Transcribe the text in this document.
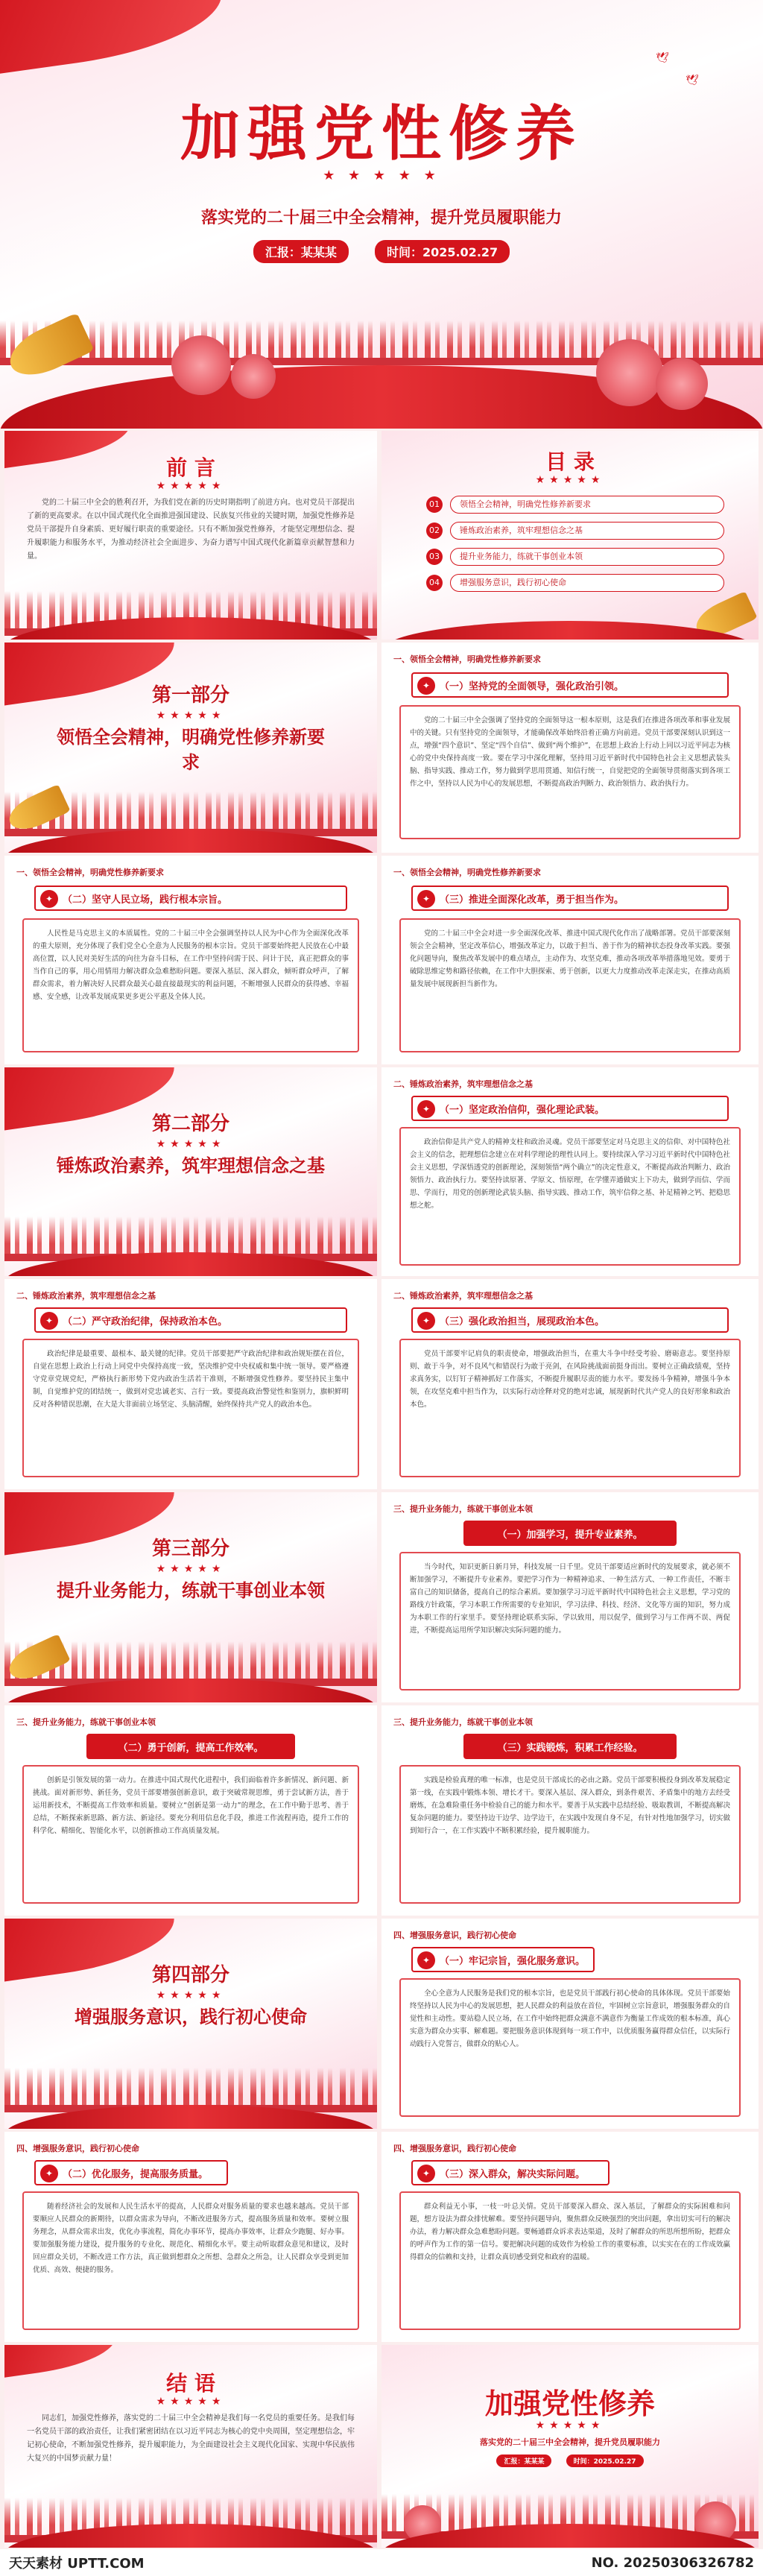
🕊
🕊
加强党性修养
★ ★ ★ ★ ★
落实党的二十届三中全会精神，提升党员履职能力
汇报：某某某	时间：2025.02.27
前 言
★★★★★
党的二十届三中全会的胜利召开，为我们党在新的历史时期指明了前进方向。也对党员干部提出了新的更高要求。在以中国式现代化全面推进强国建设、民族复兴伟业的关键时期，加强党性修养是党员干部提升自身素质、更好履行职责的重要途径。只有不断加强党性修养，才能坚定理想信念、提升履职能力和服务水平，为推动经济社会全面进步、为奋力谱写中国式现代化新篇章贡献智慧和力量。
目 录
★★★★★
01	领悟全会精神，明确党性修养新要求
02	锤炼政治素养，筑牢理想信念之基
03	提升业务能力，练就干事创业本领
04	增强服务意识，践行初心使命
第一部分
★★★★★
领悟全会精神，明确党性修养新要求
一、领悟全会精神，明确党性修养新要求
✦ （一）坚持党的全面领导，强化政治引领。
党的二十届三中全会强调了坚持党的全面领导这一根本原则，这是我们在推进各项改革和事业发展中的关键。只有坚持党的全面领导，才能确保改革始终沿着正确方向前进。党员干部要深刻认识到这一点，增强“四个意识”、坚定“四个自信”、做到“两个维护”，在思想上政治上行动上同以习近平同志为核心的党中央保持高度一致。要在学习中深化理解，坚持用习近平新时代中国特色社会主义思想武装头脑、指导实践、推动工作，努力做到学思用贯通、知信行统一，自觉把党的全面领导贯彻落实到各项工作之中，坚持以人民为中心的发展思想，不断提高政治判断力、政治领悟力、政治执行力。
一、领悟全会精神，明确党性修养新要求
✦ （二）坚守人民立场，践行根本宗旨。
人民性是马克思主义的本质属性。党的二十届三中全会强调坚持以人民为中心作为全面深化改革的重大原则，充分体现了我们党全心全意为人民服务的根本宗旨。党员干部要始终把人民放在心中最高位置，以人民对美好生活的向往为奋斗目标，在工作中坚持问需于民、问计于民，真正把群众的事当作自己的事，用心用情用力解决群众急难愁盼问题。要深入基层、深入群众，倾听群众呼声，了解群众需求，着力解决好人民群众最关心最直接最现实的利益问题，不断增强人民群众的获得感、幸福感、安全感，让改革发展成果更多更公平惠及全体人民。
一、领悟全会精神，明确党性修养新要求
✦ （三）推进全面深化改革，勇于担当作为。
党的二十届三中全会对进一步全面深化改革、推进中国式现代化作出了战略部署。党员干部要深刻领会全会精神，坚定改革信心，增强改革定力，以敢于担当、善于作为的精神状态投身改革实践。要强化问题导向，聚焦改革发展中的难点堵点，主动作为、攻坚克难，推动各项改革举措落地见效。要勇于破除思维定势和路径依赖，在工作中大胆探索、勇于创新，以更大力度推动改革走深走实，在推动高质量发展中展现新担当新作为。
第二部分
★★★★★
锤炼政治素养，筑牢理想信念之基
二、锤炼政治素养，筑牢理想信念之基
✦ （一）坚定政治信仰，强化理论武装。
政治信仰是共产党人的精神支柱和政治灵魂。党员干部要坚定对马克思主义的信仰、对中国特色社会主义的信念，把理想信念建立在对科学理论的理性认同上。要持续深入学习习近平新时代中国特色社会主义思想，学深悟透党的创新理论，深刻领悟“两个确立”的决定性意义，不断提高政治判断力、政治领悟力、政治执行力。要坚持读原著、学原文、悟原理，在学懂弄通做实上下功夫，做到学而信、学而思、学而行，用党的创新理论武装头脑、指导实践、推动工作，筑牢信仰之基、补足精神之钙、把稳思想之舵。
二、锤炼政治素养，筑牢理想信念之基
✦ （二）严守政治纪律，保持政治本色。
政治纪律是最重要、最根本、最关键的纪律。党员干部要把严守政治纪律和政治规矩摆在首位，自觉在思想上政治上行动上同党中央保持高度一致，坚决维护党中央权威和集中统一领导。要严格遵守党章党规党纪，严格执行新形势下党内政治生活若干准则，不断增强党性修养。要坚持民主集中制，自觉维护党的团结统一，做到对党忠诚老实、言行一致。要提高政治警觉性和鉴别力，旗帜鲜明反对各种错误思潮，在大是大非面前立场坚定、头脑清醒，始终保持共产党人的政治本色。
二、锤炼政治素养，筑牢理想信念之基
✦ （三）强化政治担当，展现政治本色。
党员干部要牢记肩负的职责使命，增强政治担当，在重大斗争中经受考验、磨砺意志。要坚持原则、敢于斗争，对不良风气和错误行为敢于亮剑，在风险挑战面前挺身而出。要树立正确政绩观，坚持求真务实，以钉钉子精神抓好工作落实，不断提升履职尽责的能力水平。要发扬斗争精神，增强斗争本领，在攻坚克难中担当作为，以实际行动诠释对党的绝对忠诚，展现新时代共产党人的良好形象和政治本色。
第三部分
★★★★★
提升业务能力，练就干事创业本领
三、提升业务能力，练就干事创业本领
（一）加强学习，提升专业素养。
当今时代，知识更新日新月异，科技发展一日千里。党员干部要适应新时代的发展要求，就必须不断加强学习，不断提升专业素养。要把学习作为一种精神追求、一种生活方式、一种工作责任，不断丰富自己的知识储备，提高自己的综合素质。要加强学习习近平新时代中国特色社会主义思想，学习党的路线方针政策，学习本职工作所需要的专业知识，学习法律、科技、经济、文化等方面的知识，努力成为本职工作的行家里手。要坚持理论联系实际，学以致用，用以促学，做到学习与工作两不误、两促进，不断提高运用所学知识解决实际问题的能力。
三、提升业务能力，练就干事创业本领
（二）勇于创新，提高工作效率。
创新是引领发展的第一动力。在推进中国式现代化进程中，我们面临着许多新情况、新问题、新挑战。面对新形势、新任务，党员干部要增强创新意识，敢于突破常规思维，勇于尝试新方法，善于运用新技术，不断提高工作效率和质量。要树立“创新是第一动力”的理念，在工作中勤于思考、善于总结，不断探索新思路、新方法、新途径。要充分利用信息化手段，推进工作流程再造，提升工作的科学化、精细化、智能化水平，以创新推动工作高质量发展。
三、提升业务能力，练就干事创业本领
（三）实践锻炼，积累工作经验。
实践是检验真理的唯一标准，也是党员干部成长的必由之路。党员干部要积极投身到改革发展稳定第一线，在实践中锻炼本领、增长才干。要深入基层、深入群众，到条件艰苦、矛盾集中的地方去经受磨炼，在急难险重任务中检验自己的能力和水平。要善于从实践中总结经验、吸取教训，不断提高解决复杂问题的能力。要坚持边干边学、边学边干，在实践中发现自身不足，有针对性地加强学习，切实做到知行合一，在工作实践中不断积累经验，提升履职能力。
第四部分
★★★★★
增强服务意识，践行初心使命
四、增强服务意识，践行初心使命
✦ （一）牢记宗旨，强化服务意识。
全心全意为人民服务是我们党的根本宗旨，也是党员干部践行初心使命的具体体现。党员干部要始终坚持以人民为中心的发展思想，把人民群众的利益放在首位，牢固树立宗旨意识，增强服务群众的自觉性和主动性。要站稳人民立场，在工作中始终把群众满意不满意作为衡量工作成效的根本标准，真心实意为群众办实事、解难题。要把服务意识体现到每一项工作中，以优质服务赢得群众信任，以实际行动践行入党誓言，做群众的贴心人。
四、增强服务意识，践行初心使命
✦ （二）优化服务，提高服务质量。
随着经济社会的发展和人民生活水平的提高，人民群众对服务质量的要求也越来越高。党员干部要顺应人民群众的新期待，以群众需求为导向，不断改进服务方式，提高服务质量和效率。要树立服务理念，从群众需求出发，优化办事流程，简化办事环节，提高办事效率，让群众少跑腿、好办事。要加强服务能力建设，提升服务的专业化、规范化、精细化水平。要主动听取群众意见和建议，及时回应群众关切，不断改进工作方法，真正做到想群众之所想、急群众之所急，让人民群众享受到更加优质、高效、便捷的服务。
四、增强服务意识，践行初心使命
✦ （三）深入群众，解决实际问题。
群众利益无小事，一枝一叶总关情。党员干部要深入群众、深入基层，了解群众的实际困难和问题，想方设法为群众排忧解难。要坚持问题导向，聚焦群众反映强烈的突出问题，拿出切实可行的解决办法，着力解决群众急难愁盼问题。要畅通群众诉求表达渠道，及时了解群众的所思所想所盼，把群众的呼声作为工作的第一信号。要把解决问题的成效作为检验工作的重要标准，以实实在在的工作成效赢得群众的信赖和支持，让群众真切感受到党和政府的温暖。
结 语
★★★★★
同志们，加强党性修养，落实党的二十届三中全会精神是我们每一名党员的重要任务。是我们每一名党员干部的政治责任，让我们紧密团结在以习近平同志为核心的党中央周围，坚定理想信念，牢记初心使命，不断加强党性修养，提升履职能力，为全面建设社会主义现代化国家、实现中华民族伟大复兴的中国梦贡献力量！
加强党性修养
★★★★★
落实党的二十届三中全会精神，提升党员履职能力
汇报：某某某	时间：2025.02.27
天天素材 UPTT.COM	NO. 20250306326782
